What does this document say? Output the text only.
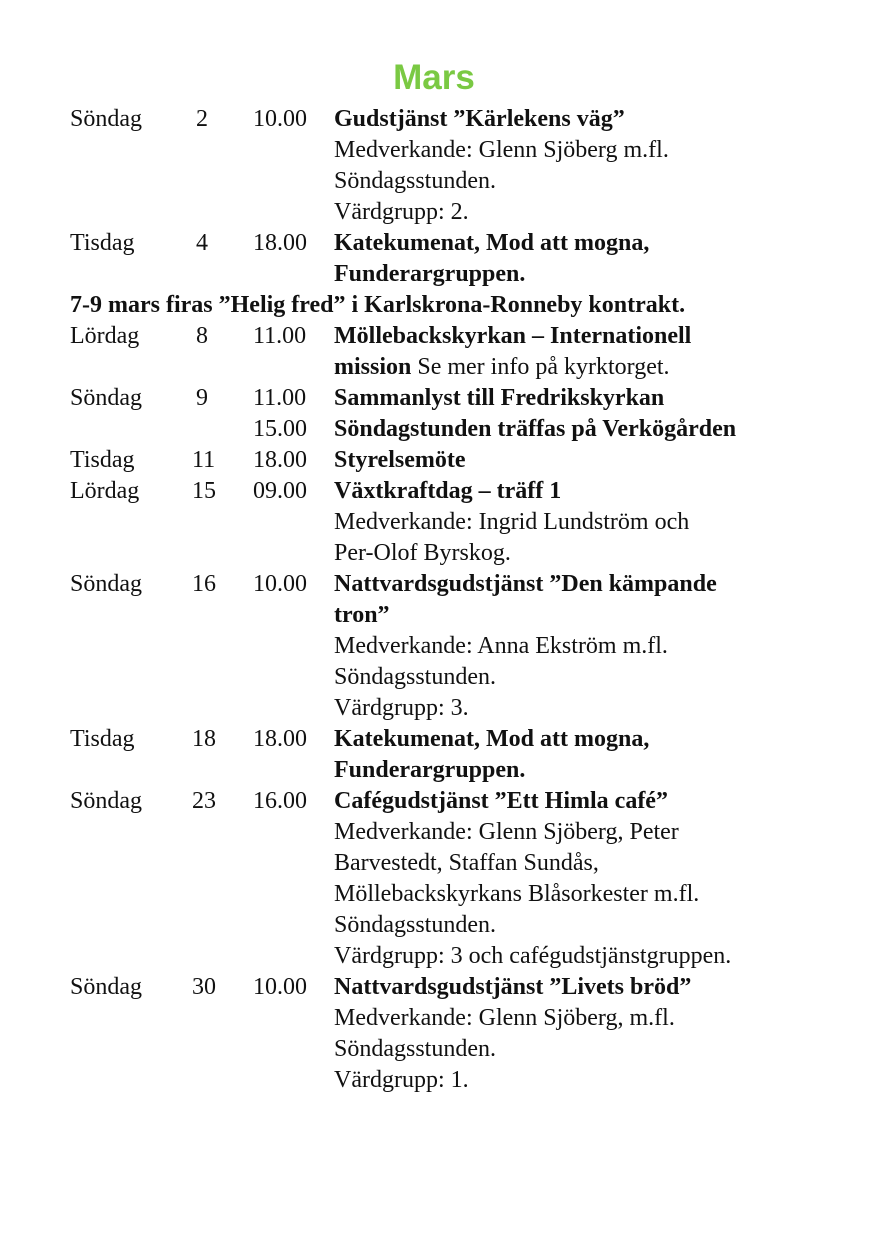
Mars
Söndag 2 10.00 Gudstjänst ”Kärlekens väg”
Medverkande: Glenn Sjöberg m.fl.
Söndagsstunden.
Värdgrupp: 2.
Tisdag	4 18.00 Katekumenat, Mod att mogna,
Funderargruppen.
7-9 mars firas ”Helig fred” i Karlskrona-Ronneby kontrakt.
Lördag 8 11.00 Möllebackskyrkan – Internationell
mission Se mer info på kyrktorget.
Söndag 9 11.00 Sammanlyst till Fredrikskyrkan
15.00 Söndagstunden träffas på Verkögården
Tisdag 11 18.00 Styrelsemöte
Lördag 15 09.00 Växtkraftdag – träff 1
Medverkande: Ingrid Lundström och
Per-Olof Byrskog.
Söndag 16 10.00 Nattvardsgudstjänst ”Den kämpande
tron”
Medverkande: Anna Ekström m.fl.
Söndagsstunden.
Värdgrupp: 3.
Tisdag 18 18.00 Katekumenat, Mod att mogna,
Funderargruppen.
Söndag 23 16.00 Cafégudstjänst ”Ett Himla café”
Medverkande: Glenn Sjöberg, Peter
Barvestedt, Staffan Sundås,
Möllebackskyrkans Blåsorkester m.fl.
Söndagsstunden.
Värdgrupp: 3 och cafégudstjänstgruppen.
Söndag 30 10.00 Nattvardsgudstjänst ”Livets bröd”
Medverkande: Glenn Sjöberg, m.fl.
Söndagsstunden.
Värdgrupp: 1.
